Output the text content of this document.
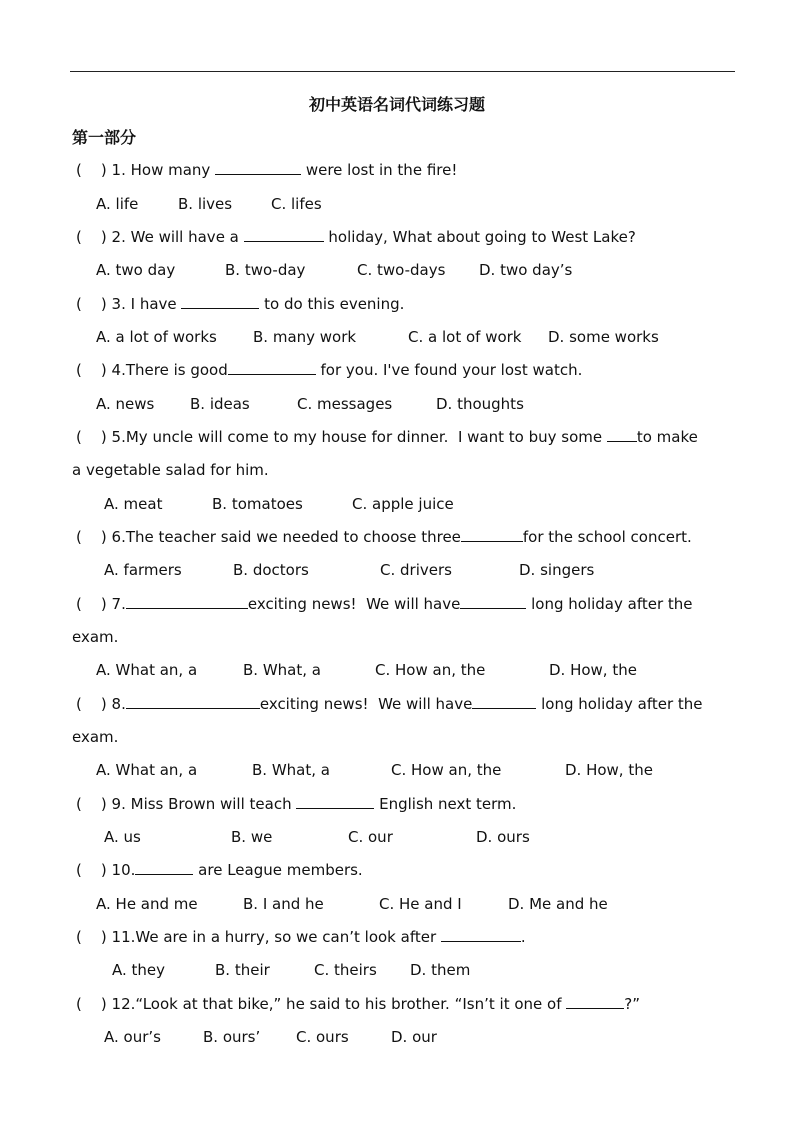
初中英语名词代词练习题
第一部分
(    ) 1. How many	were lost in the fire!
A. life	B. lives	C. lifes
(    ) 2. We will have a	holiday, What about going to West Lake?
A. two day	B. two-day	C. two-days D. two day’s
(    ) 3. I have	to do this evening.
A. a lot of works B. many work	C. a lot of work D. some works
(    ) 4.There is good	for you. I've found your lost watch.
A. news B. ideas	C. messages	D. thoughts
(    ) 5.My uncle will come to my house for dinner.  I want to buy some to make
a vegetable salad for him.
A. meat	B. tomatoes	C. apple juice
(    ) 6.The teacher said we needed to choose three	for the school concert.
A. farmers	B. doctors	C. drivers	D. singers
(    ) 7.	exciting news!  We will have	long holiday after the
exam.
A. What an, a	B. What, a	C. How an, the	D. How, the
(    ) 8.	exciting news!  We will have	long holiday after the
exam.
A. What an, a	B. What, a	C. How an, the	D. How, the
(    ) 9. Miss Brown will teach	English next term.
A. us	B. we	C. our	D. ours
(    ) 10.	are League members.
A. He and me	B. I and he	C. He and I	D. Me and he
(    ) 11.We are in a hurry, so we can’t look after	.
A. they	B. their	C. theirs D. them
(    ) 12.“Look at that bike,” he said to his brother. “Isn’t it one of	?”
A. our’s	B. ours’ C. ours	D. our
